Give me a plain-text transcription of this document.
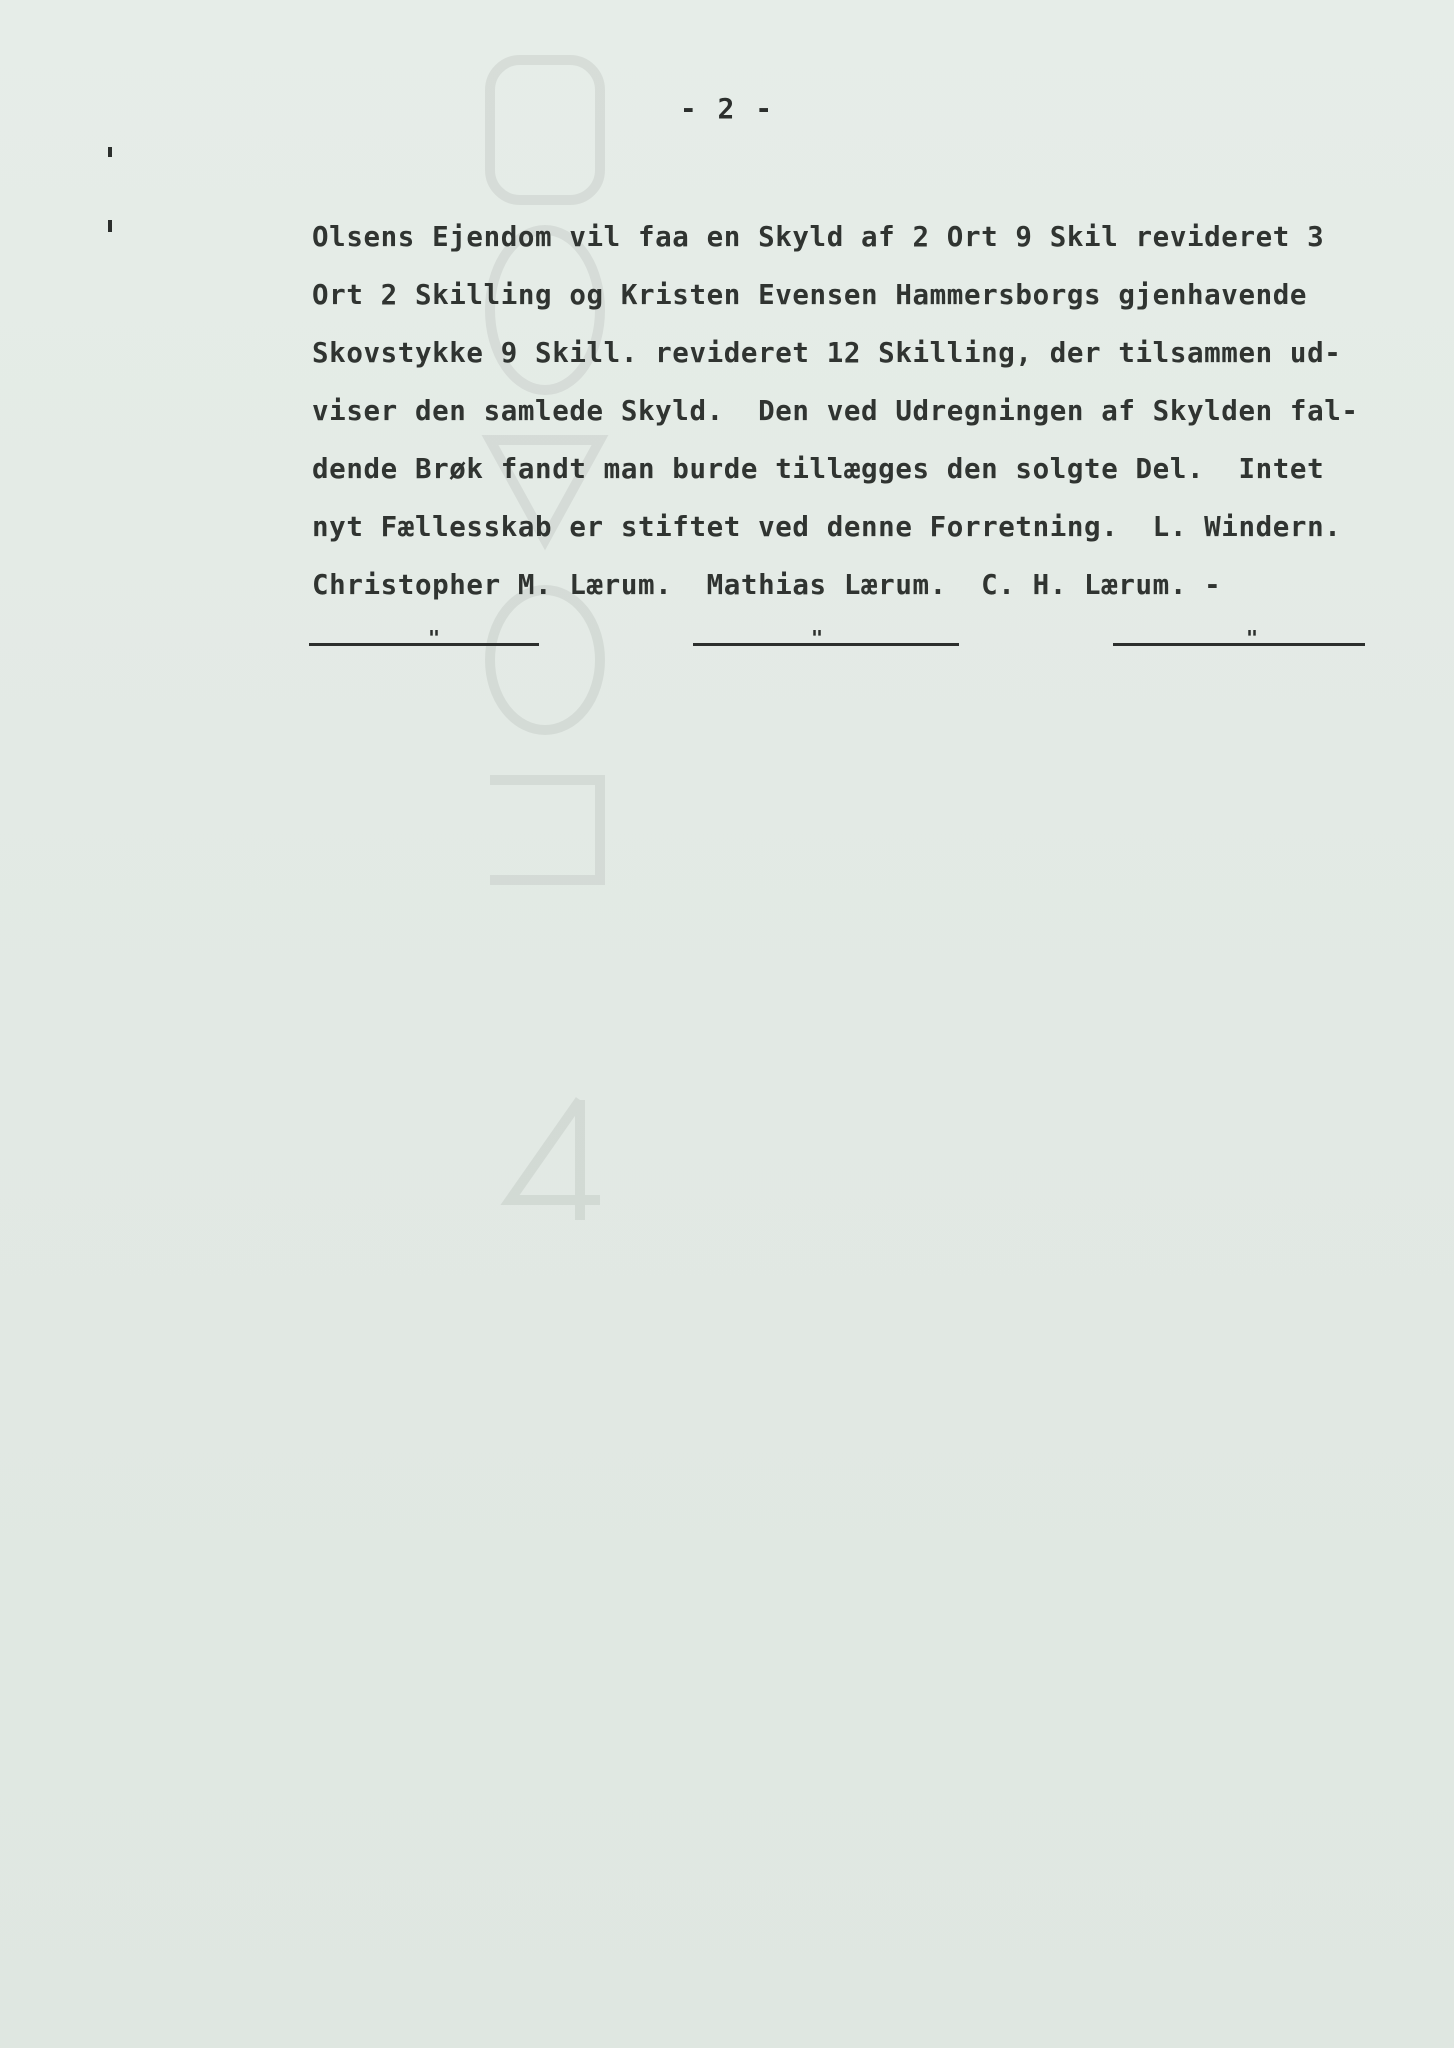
- 2 -
Olsens Ejendom vil faa en Skyld af 2 Ort 9 Skil revideret 3
Ort 2 Skilling og Kristen Evensen Hammersborgs gjenhavende
Skovstykke 9 Skill. revideret 12 Skilling, der tilsammen ud-
viser den samlede Skyld.  Den ved Udregningen af Skylden fal-
dende Brøk fandt man burde tillægges den solgte Del.  Intet
nyt Fællesskab er stiftet ved denne Forretning.  L. Windern.
Christopher M. Lærum.  Mathias Lærum.  C. H. Lærum. -
"	"	"
